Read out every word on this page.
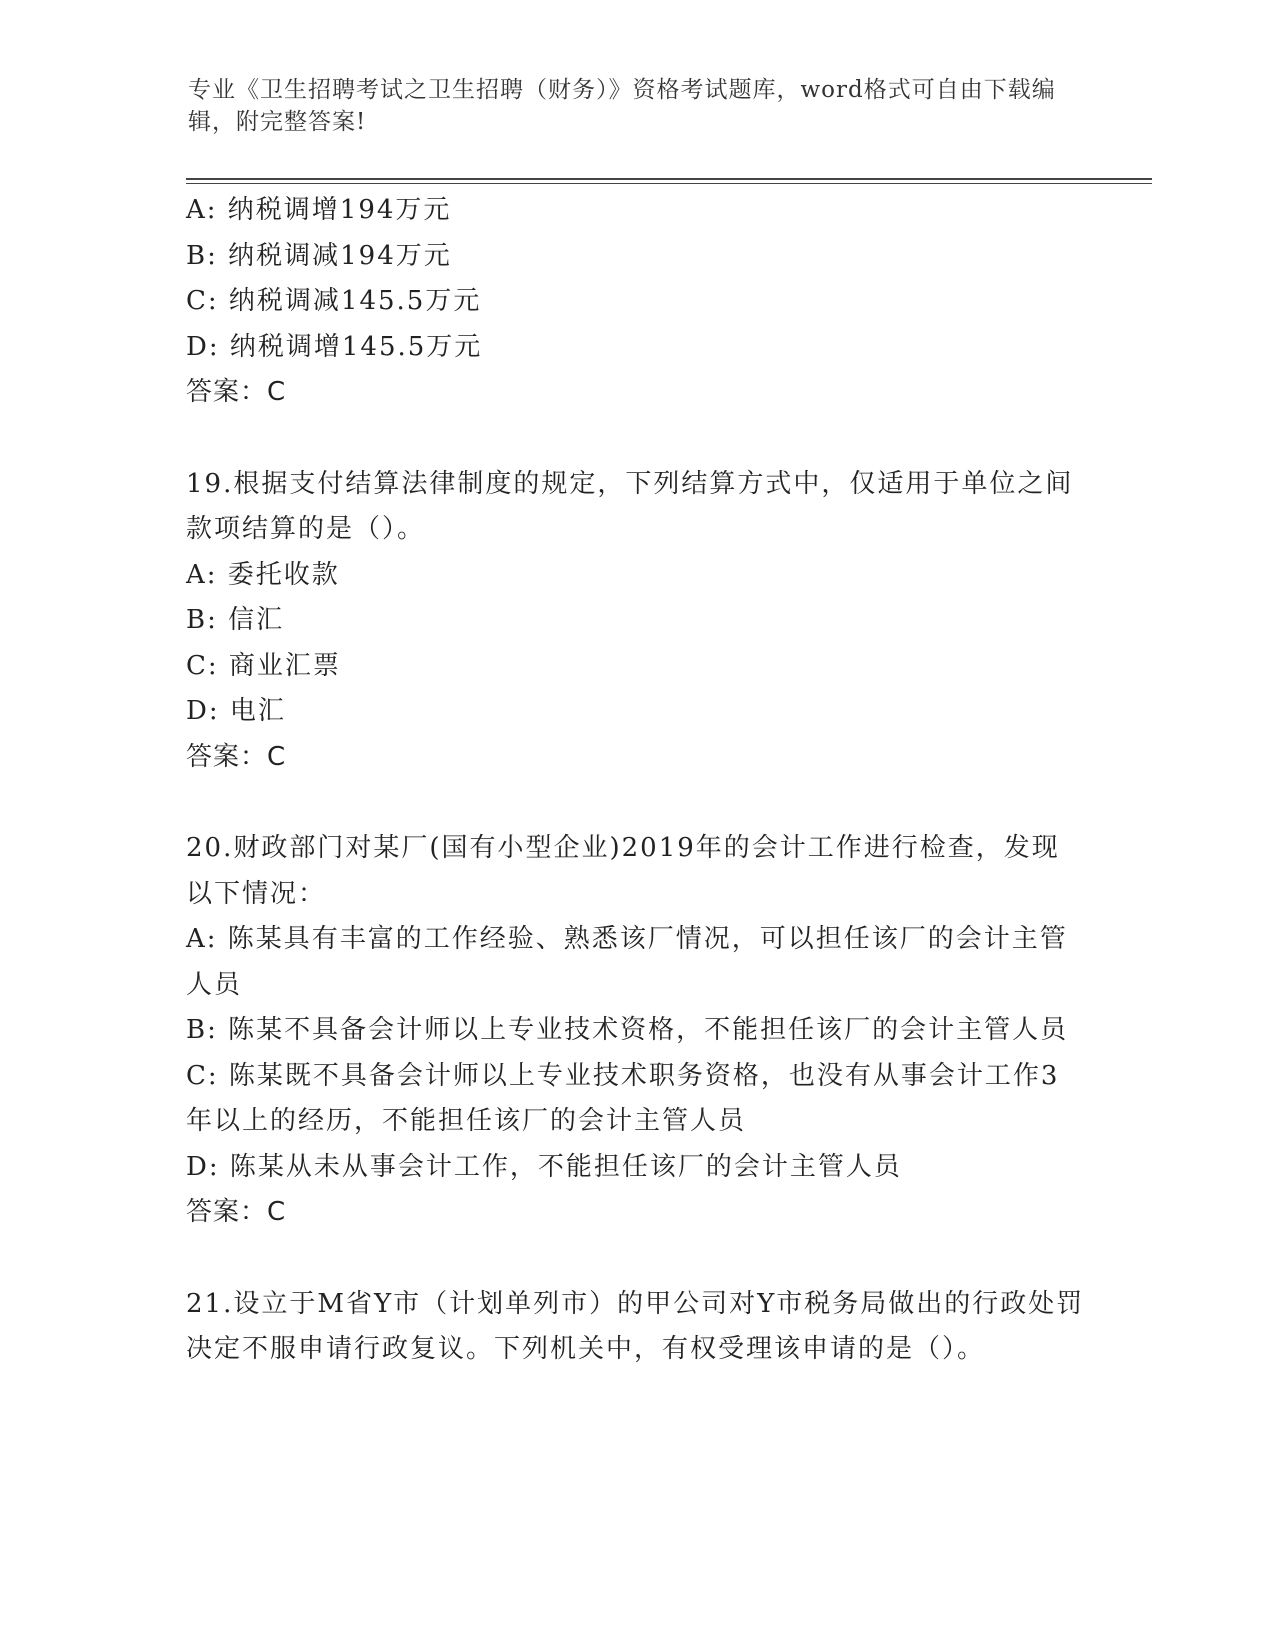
专业《卫生招聘考试之卫生招聘（财务）》资格考试题库，word格式可自由下载编辑，附完整答案!
A: 纳税调增194万元
B: 纳税调减194万元
C: 纳税调减145.5万元
D: 纳税调增145.5万元
答案：C
19.根据支付结算法律制度的规定，下列结算方式中，仅适用于单位之间款项结算的是（）。
A: 委托收款
B: 信汇
C: 商业汇票
D: 电汇
答案：C
20.财政部门对某厂(国有小型企业)2019年的会计工作进行检查，发现以下情况：
A: 陈某具有丰富的工作经验、熟悉该厂情况，可以担任该厂的会计主管人员
B: 陈某不具备会计师以上专业技术资格，不能担任该厂的会计主管人员
C: 陈某既不具备会计师以上专业技术职务资格，也没有从事会计工作3年以上的经历，不能担任该厂的会计主管人员
D: 陈某从未从事会计工作，不能担任该厂的会计主管人员
答案：C
21.设立于M省Y市（计划单列市）的甲公司对Y市税务局做出的行政处罚决定不服申请行政复议。下列机关中，有权受理该申请的是（）。
